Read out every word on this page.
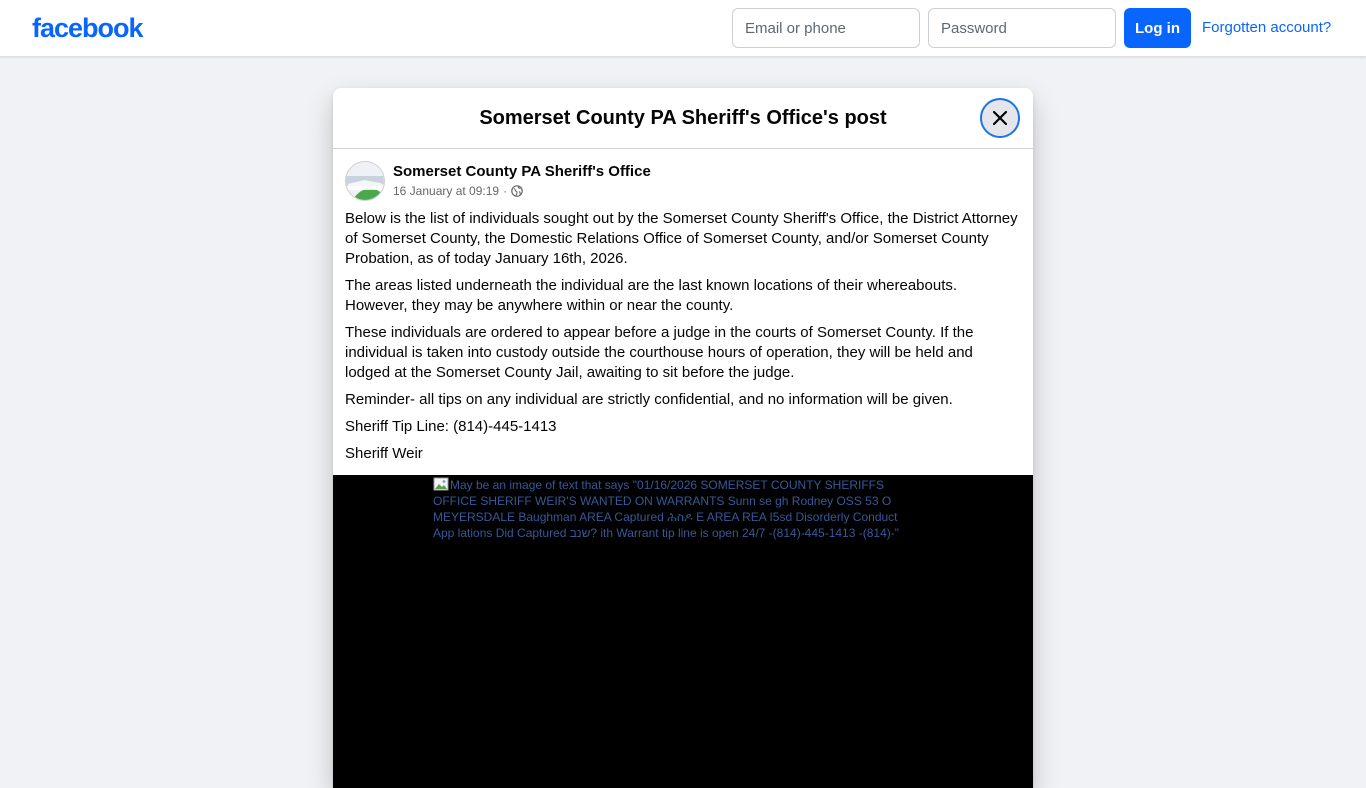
facebook
Email or phone	Log in	Forgotten account?
Somerset County PA Sheriff's Office's post
Somerset County PA Sheriff's Office
16 January at 09:19 ·

Below is the list of individuals sought out by the Somerset County Sheriff's Office, the District Attorney of Somerset County, the Domestic Relations Office of Somerset County, and/or Somerset County Probation, as of today January 16th, 2026.

The areas listed underneath the individual are the last known locations of their whereabouts. However, they may be anywhere within or near the county.

These individuals are ordered to appear before a judge in the courts of Somerset County. If the individual is taken into custody outside the courthouse hours of operation, they will be held and lodged at the Somerset County Jail, awaiting to sit before the judge.

Reminder- all tips on any individual are strictly confidential, and no information will be given.

Sheriff Tip Line: (814)-445-1413

Sheriff Weir

May be an image of text that says "01/16/2026 SOMERSET COUNTY SHERIFFS OFFICE SHERIFF WEIR'S WANTED ON WARRANTS Sunn se gh Rodney OSS 53 O MEYERSDALE Baughman AREA Captured ሕስዶ E AREA REA I5sd Disorderly Conduct App lations Did Captured שנב? ith Warrant tip line is open 24/7 -(814)-445-1413 -(814)-"
